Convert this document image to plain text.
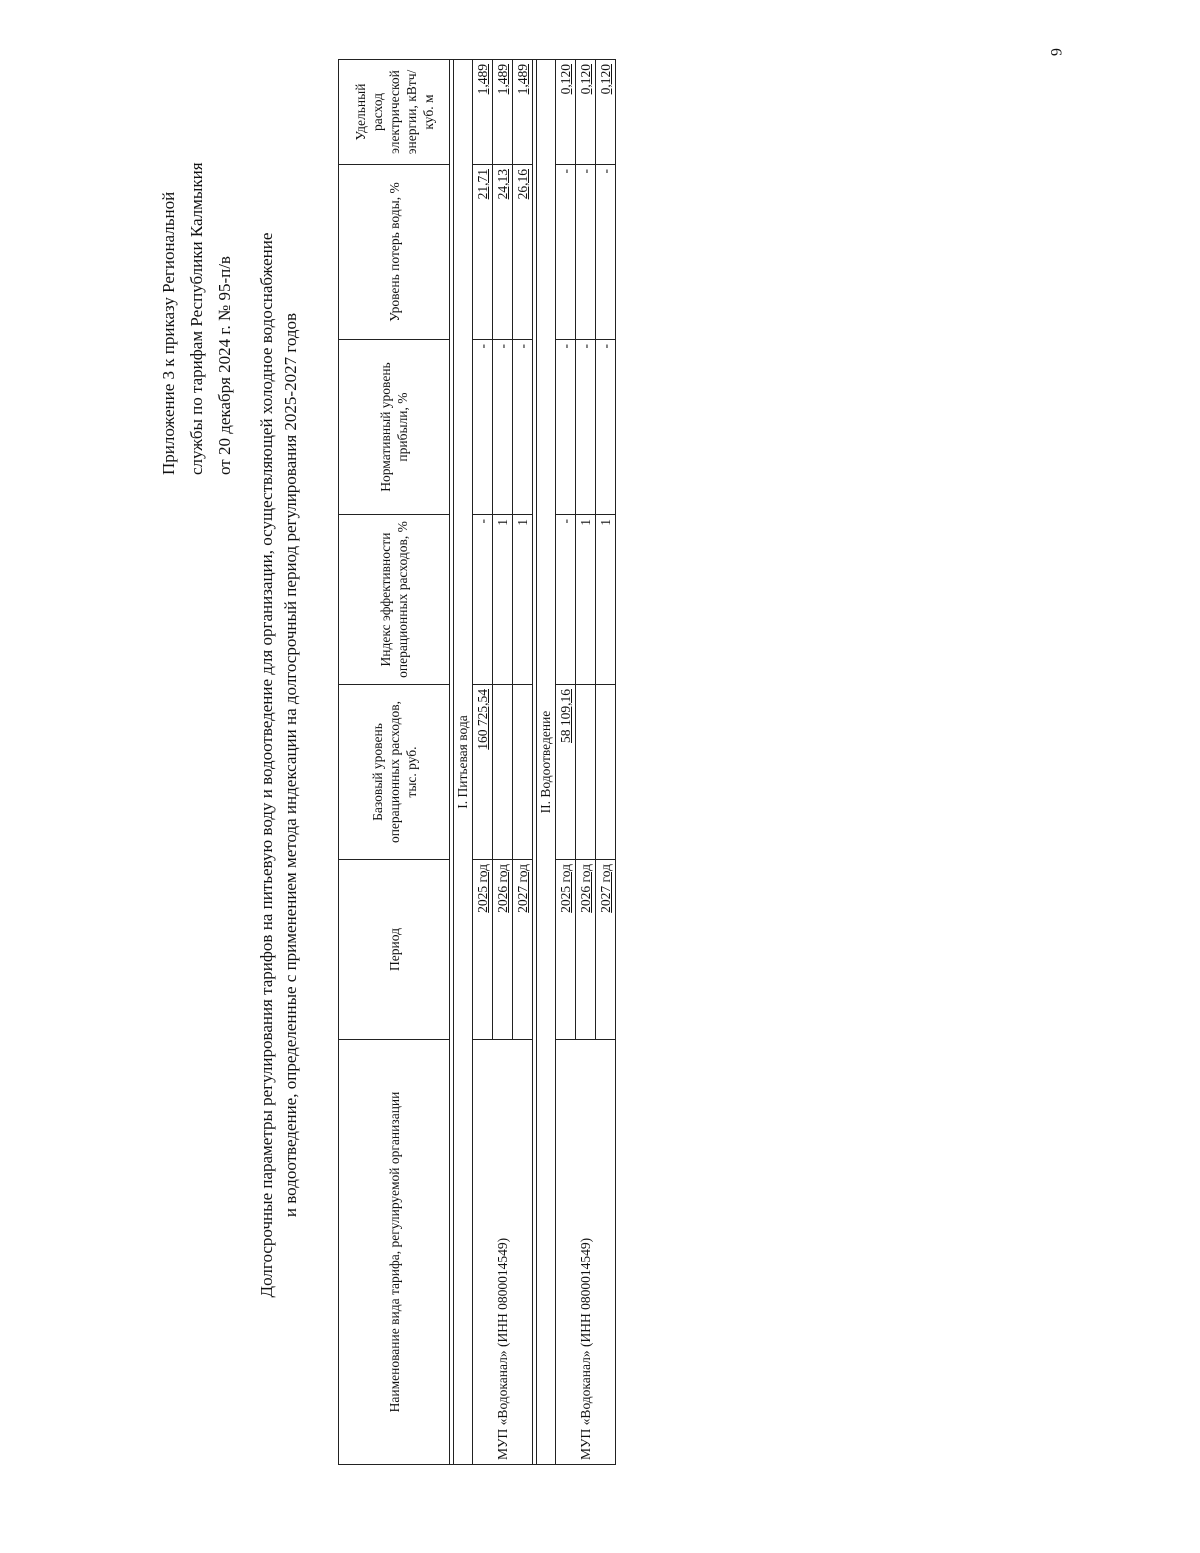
6
Приложение 3 к приказу Региональной службы по тарифам Республики Калмыкия от 20 декабря 2024 г. № 95-п/в Долгосрочные параметры регулирования тарифов на питьевую воду и водоотведение для организации, осуществляющей холодное водоснабжение и водоотведение, определенные с применением метода индексации на долгосрочный период регулирования 2025-2027 годов
Наименование вида тарифа, регулируемой организации	Период	Базовый уровень операционных расходов, тыс. руб.	Индекс эффективности операционных расходов, %	Нормативный уровень прибыли, %	Уровень потерь воды, %	Удельный расход электрической энергии, кВтч/куб. м

I. Питьевая вода						
МУП «Водоканал» (ИНН 0800014549)	2025 год	160 725,54	-	-	21,71	1,489
	2026 год		1	-	24,13	1,489
	2027 год		1	-	26,16	1,489

II. Водоотведение						
МУП «Водоканал» (ИНН 0800014549)	2025 год	58 109,16	-	-	-	0,120
	2026 год		1	-	-	0,120
	2027 год		1	-	-	0,120
